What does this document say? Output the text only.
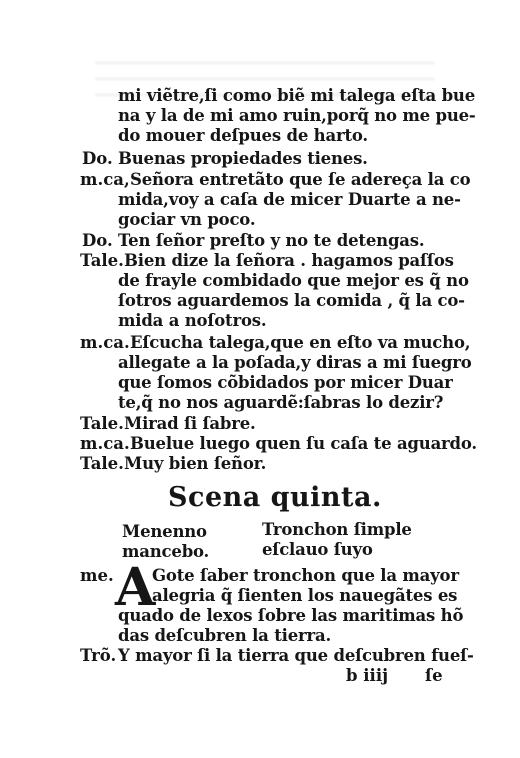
mi viẽtre,ſi como biẽ mi talega eſta bue
na y la de mi amo ruin,porq̃ no me pue-
do mouer deſpues de harto.
Do. Buenas propiedades tienes.
m.ca, Señora entretãto que ſe adereça la co
mida,voy a caſa de micer Duarte a ne-
gociar vn poco.
Do. Ten ſeñor preſto y no te detengas.
Tale. Bien dize la ſeñora . hagamos paſſos
de frayle combidado que mejor es q̃ no
ſotros aguardemos la comida , q̃ la co-
mida a noſotros.
m.ca. Eſcucha talega,que en eſto va mucho,
allegate a la poſada,y diras a mi ſuegro
que ſomos cõbidados por micer Duar
te,q̃ no nos aguardẽ:ſabras lo dezir?
Tale. Mirad ſi ſabre.
m.ca. Buelue luego quen ſu caſa te aguardo.
Tale. Muy bien ſeñor.
Scena quinta.
Menenno
mancebo.
Tronchon ſimple
eſclauo ſuyo
me. A
Gote ſaber tronchon que la mayor
alegria q̃ ſienten los nauegãtes es
quado de lexos ſobre las maritimas hõ
das deſcubren la tierra.
Trõ. Y mayor ſi la tierra que deſcubren fueſ-
b iiij ſe
